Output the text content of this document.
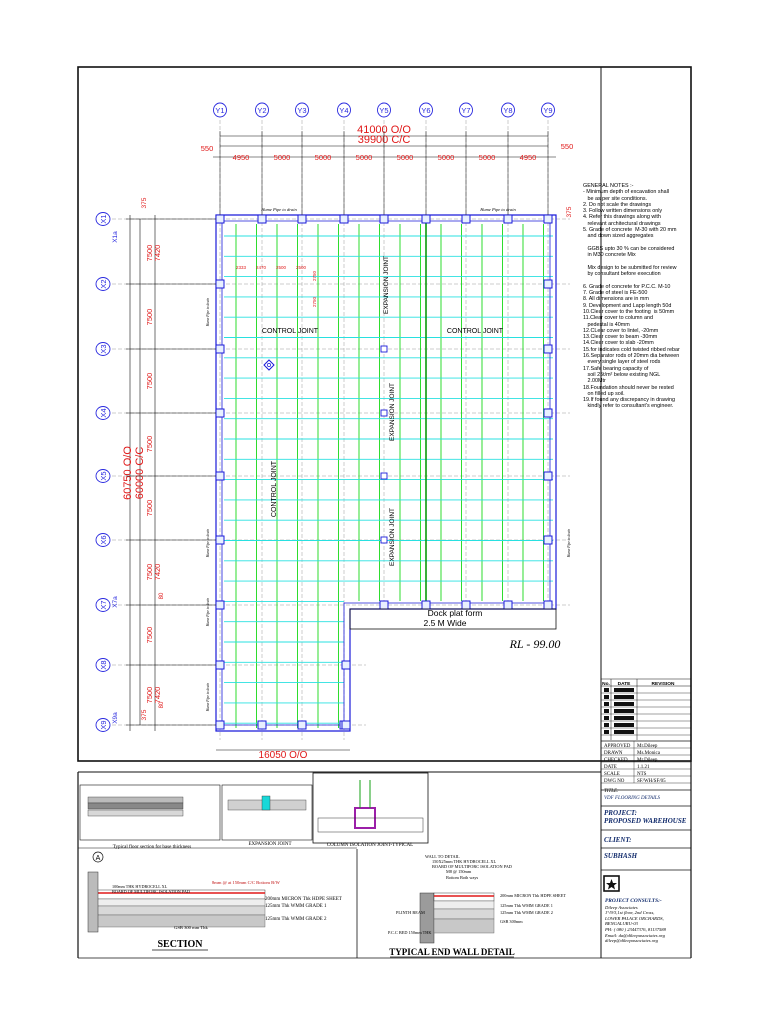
Y1	Y2	Y3	Y4	Y5	Y6	Y7	Y8	Y9
X1
X2
X3
X4
X5
X6
X7
X8
X9
X1a
X7a
X9a
41000 O/O
39900 C/C
550	550
4950	5000	5000	5000	5000	5000	5000	4950
60750 O/O 60000 C/C
7500 7420
7500
7500
7500
7500
7500 7420
7500
7500 7420
375
375
80
80
375
16050 O/O
Dock plat form
2.5 M Wide
RL - 99.00
CONTROL JOINT	CONTROL JOINT
CONTROL JOINT
EXPANSION JOINT
EXPANSION JOINT
EXPANSION JOINT
2333 2470 2500 2500
2750
2750
Hume Pipe to drain	Hume Pipe to drain
Hume Pipe to drain
Hume Pipe to drain
Hume Pipe to drain
Hume Pipe to drain
Hume Pipe to drain
Typical floor section for base thickness
EXPANSION JOINT	COLUMN ISOLATION JOINT-TYPICAL
A
8mm @ at 150mm C/C Bottom B/W
100mm THK HYDROCELL XL
BOARD OF MULTIFORC ISOLATION PAD
200mm MICRON Thk HDPE SHEET
125mm Thk WMM GRADE 1
125mm Thk WMM GRADE 2
GSB 300 mm Thk
SECTION
WALL TO DETAIL
150X25mm THK HYDROCELL XL
BOARD OF MULTIFORC ISOLATION PAD
M8 @ 150mm
Bottom Both ways
200mm MICRON Thk HDPE SHEET
125mm Thk WMM GRADE 1
125mm Thk WMM GRADE 2
GSB 300mm
PLINTH BEAM
P.C.C BED 150mm THK
TYPICAL END WALL DETAIL
No. DATE	REVISION
GENERAL NOTES :-
- Minimum depth of excavation shall
be as per site conditions.
2. Do not scale the drawings
3. Follow written dimensions only
4. Refer this drawings along with
relevant architectural drawings
5. Grade of concrete  M-30 with 20 mm
and down sized aggregates

GGBS upto 30 % can be considered
in M30 concrete Mix

Mix design to be submitted for review
by consultant before execution

6. Grade of concrete for P.C.C. M-10
7. Grade of steel is FE-500
8. All dimensions are in mm
9. Development and Lapp length 50d
10.Clear cover to the footing  is 50mm
11.Clear cover to column and
pedestal is 40mm
12.CLear cover to lintel, -20mm
13.Clear cover to beam -30mm
14.Clear cover to slab -20mm
15.for indicates cold twisted ribbed rebar
16.Separator rods of 20mm dia between
every single layer of steel rods
17.Safe bearing capacity of
soil 25t/m² below existing NGL
2.00Mtr
18.Foundation should never be rested
on filled up soil.
19.If found any discrepancy in drawing
kindly refer to consultant's engineer.
APPROVED Mr.Dileep
DRAWN	Ms.Monica
CHECKED Mr.Dileep
DATE	1.1.21
SCALE	NTS
DWG NO	SF/WH/SF/05
TITLE:
VDF FLOORING DETAILS
PROJECT:
PROPOSED WAREHOUSE
CLIENT:
SUBHASH
PROJECT CONSULTS:-
Dileep Associates
1°/9/3,1st floor, 2nd Cross,
LOWER PALACE ORCHARDS,
BENGALURU-03
PH: ( 080 ) 23447376, 81137588
Email: da@dileepassociates.org
dileep@dileepassociates.org
